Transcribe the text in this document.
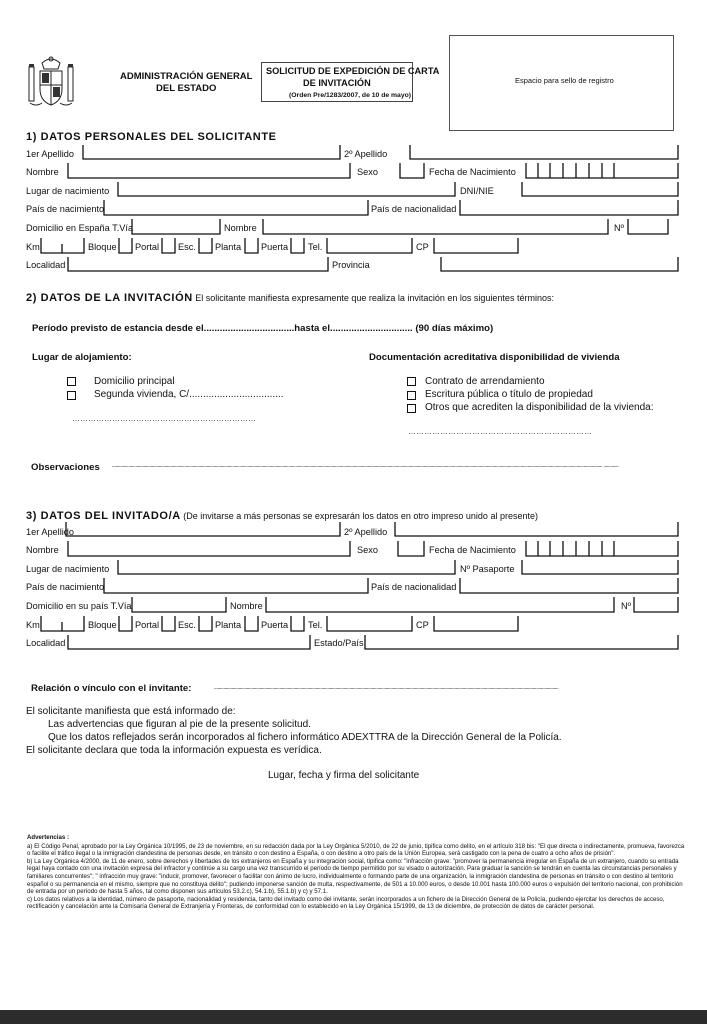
ADMINISTRACIÓN GENERAL
DEL ESTADO
SOLICITUD DE EXPEDICIÓN DE CARTA
DE INVITACIÓN
(Orden Pre/1283/2007, de 10 de mayo)
Espacio para sello de registro
1) DATOS PERSONALES DEL SOLICITANTE
1er Apellido	2º Apellido
Nombre	Sexo	Fecha de Nacimiento
Lugar de nacimiento	DNI/NIE
País de nacimiento	País de nacionalidad
Domicilio en España T.Vía	Nombre	Nº
Km	Bloque Portal Esc. Planta Puerta Tel.	CP
Localidad	Provincia
2) DATOS DE LA INVITACIÓN El solicitante manifiesta expresamente que realiza la invitación en los siguientes términos:
Período previsto de estancia desde el..................................hasta el............................... (90 días máximo)
Lugar de alojamiento:	Documentación acreditativa disponibilidad de vivienda
Domicilio principal
Segunda vivienda, C/..................................
……………………………………………………………
Contrato de arrendamiento
Escritura pública o título de propiedad
Otros que acrediten la disponibilidad de la vivienda:
……………………………………………………………
Observaciones .................................................................................................................................................................................................................................................................................................................................................................................................................................... .............
3) DATOS DEL INVITADO/A (De invitarse a más personas se expresarán los datos en otro impreso unido al presente)
1er Apellido	2º Apellido
Nombre	Sexo	Fecha de Nacimiento
Lugar de nacimiento	Nº Pasaporte
País de nacimiento	País de nacionalidad
Domicilio en su país T.Vía	Nombre	Nº
Km	Bloque Portal Esc. Planta Puerta Tel.	CP
Localidad	Estado/País
Relación o vínculo con el invitante:	.......................................................................................................................................................................................................................................................................................................
El solicitante manifiesta que está informado de:
Las advertencias que figuran al pie de la presente solicitud.
Que los datos reflejados serán incorporados al fichero informático ADEXTTRA de la Dirección General de la Policía.
El solicitante declara que toda la información expuesta es verídica.
Lugar, fecha y firma del solicitante

Advertencias :

a) El Código Penal, aprobado por la Ley Orgánica 10/1995, de 23 de noviembre, en su redacción dada por la Ley Orgánica 5/2010, de 22 de junio, tipifica como delito, en el artículo 318 bis: "El que directa o indirectamente, promueva, favorezca o facilite el tráfico ilegal o la inmigración clandestina de personas desde, en tránsito o con destino a España, o con destino a otro país de la Unión Europea, será castigado con la pena de cuatro a ocho años de prisión".

b) La Ley Orgánica 4/2000, de 11 de enero, sobre derechos y libertades de los extranjeros en España y su integración social, tipifica como: "infracción grave: "promover la permanencia irregular en España de un extranjero, cuando su entrada legal haya contado con una invitación expresa del infractor y continúe a su cargo una vez transcurrido el período de tiempo permitido por su visado o autorización. Para graduar la sanción se tendrán en cuenta las circunstancias personales y familiares concurrentes"; " infracción muy grave: "inducir, promover, favorecer o facilitar con ánimo de lucro, individualmente o formando parte de una organización, la inmigración clandestina de personas en tránsito o con destino al territorio español o su permanencia en el mismo, siempre que no constituya delito"; pudiendo imponerse sanción de multa, respectivamente, de 501 a 10.000 euros, o desde 10.001 hasta 100.000 euros o expulsión del territorio nacional, con prohibición de entrada por un período de hasta 5 años, tal como disponen sus artículos 53.2.c), 54.1.b), 55.1.b) y c) y 57.1.

c) Los datos relativos a la identidad, número de pasaporte, nacionalidad y residencia, tanto del invitado como del invitante, serán incorporados a un fichero de la Dirección General de la Policía, pudiendo ejercitar los derechos de acceso, rectificación y cancelación ante la Comisaría General de Extranjería y Fronteras, de conformidad con lo establecido en la Ley Orgánica 15/1999, de 13 de diciembre, de protección de datos de carácter personal.
